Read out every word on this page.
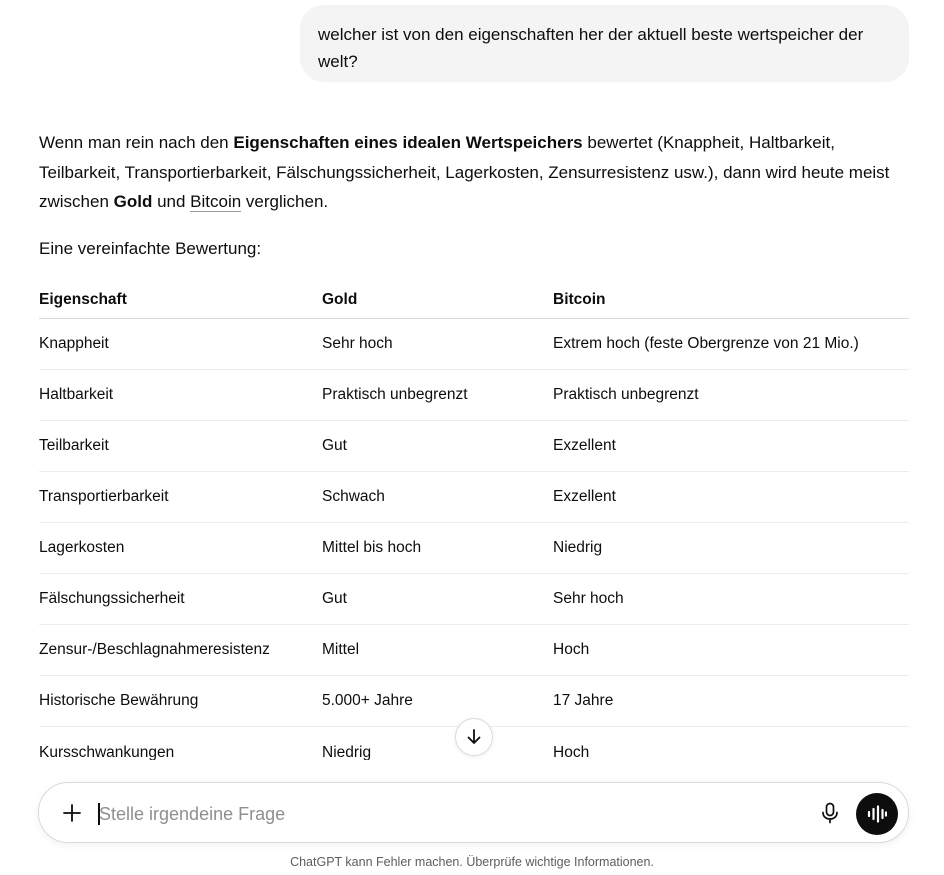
welcher ist von den eigenschaften her der aktuell beste wertspeicher der welt?

Wenn man rein nach den Eigenschaften eines idealen Wertspeichers bewertet (Knappheit, Haltbarkeit, Teilbarkeit, Transportierbarkeit, Fälschungssicherheit, Lagerkosten, Zensurresistenz usw.), dann wird heute meist zwischen Gold und Bitcoin verglichen.

Eine vereinfachte Bewertung:

Eigenschaft	Gold	Bitcoin
Knappheit	Sehr hoch	Extrem hoch (feste Obergrenze von 21 Mio.)
Haltbarkeit	Praktisch unbegrenzt	Praktisch unbegrenzt
Teilbarkeit	Gut	Exzellent
Transportierbarkeit	Schwach	Exzellent
Lagerkosten	Mittel bis hoch	Niedrig
Fälschungssicherheit	Gut	Sehr hoch
Zensur-/Beschlagnahmeresistenz	Mittel	Hoch
Historische Bewährung	5.000+ Jahre	17 Jahre
Kursschwankungen	Niedrig	Hoch
Stelle irgendeine Frage
ChatGPT kann Fehler machen. Überprüfe wichtige Informationen.
